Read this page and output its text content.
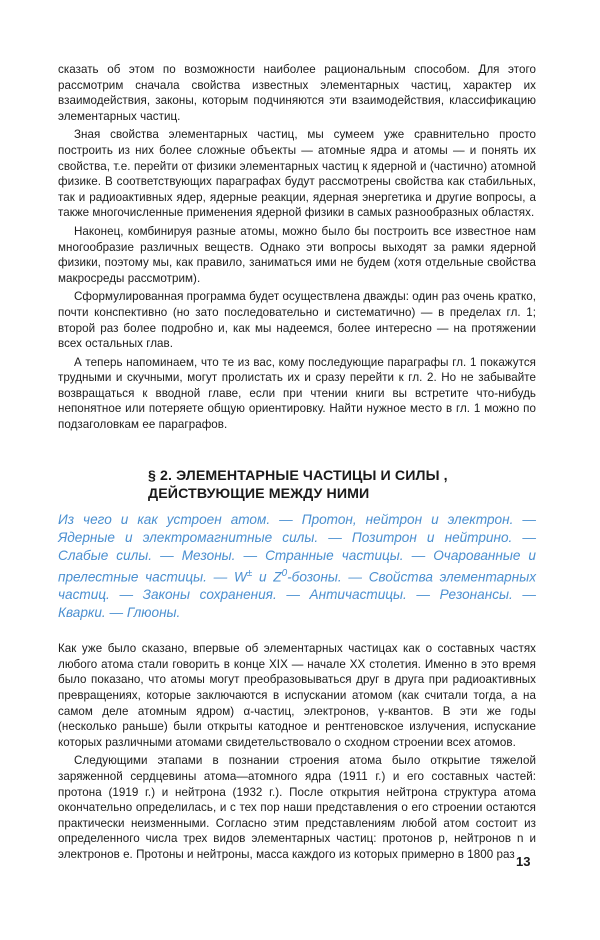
сказать об этом по возможности наиболее рациональным способом. Для этого рассмотрим сначала свойства известных элементарных частиц, характер их взаимодействия, законы, которым подчиняются эти взаимодействия, классификацию элементарных частиц.

Зная свойства элементарных частиц, мы сумеем уже сравнительно просто построить из них более сложные объекты — атомные ядра и атомы — и понять их свойства, т.е. перейти от физики элементарных частиц к ядерной и (частично) атомной физике. В соответствующих параграфах будут рассмотрены свойства как стабильных, так и радиоактивных ядер, ядерные реакции, ядерная энергетика и другие вопросы, а также многочисленные применения ядерной физики в самых разнообразных областях.

Наконец, комбинируя разные атомы, можно было бы построить все известное нам многообразие различных веществ. Однако эти вопросы выходят за рамки ядерной физики, поэтому мы, как правило, заниматься ими не будем (хотя отдельные свойства макросреды рассмотрим).

Сформулированная программа будет осуществлена дважды: один раз очень кратко, почти конспективно (но зато последовательно и систематично) — в пределах гл. 1; второй раз более подробно и, как мы надеемся, более интересно — на протяжении всех остальных глав.

А теперь напоминаем, что те из вас, кому последующие параграфы гл. 1 покажутся трудными и скучными, могут пролистать их и сразу перейти к гл. 2. Но не забывайте возвращаться к вводной главе, если при чтении книги вы встретите что-нибудь непонятное или потеряете общую ориентировку. Найти нужное место в гл. 1 можно по подзаголовкам ее параграфов.

§ 2. ЭЛЕМЕНТАРНЫЕ ЧАСТИЦЫ И СИЛЫ ,
ДЕЙСТВУЮЩИЕ МЕЖДУ НИМИ
Из чего и как устроен атом. — Протон, нейтрон и электрон. — Ядерные и электромагнитные силы. — Позитрон и нейтрино. — Слабые силы. — Мезоны. — Странные частицы. — Очарованные и прелестные частицы. — W± и $Z^0$-бозоны. — Свойства элементарных частиц. — Законы сохранения. — Античастицы. — Резонансы. — Кварки. — Глюоны.

Как уже было сказано, впервые об элементарных частицах как о составных частях любого атома стали говорить в конце XIX — начале XX столетия. Именно в это время было показано, что атомы могут преобразовываться друг в друга при радиоактивных превращениях, которые заключаются в испускании атомом (как считали тогда, а на самом деле атомным ядром) α-частиц, электронов, γ-квантов. В эти же годы (несколько раньше) были открыты катодное и рентгеновское излучения, испускание которых различными атомами свидетельствовало о сходном строении всех атомов.

Следующими этапами в познании строения атома было открытие тяжелой заряженной сердцевины атома—атомного ядра (1911 г.) и его составных частей: протона (1919 г.) и нейтрона (1932 г.). После открытия нейтрона структура атома окончательно определилась, и с тех пор наши представления о его строении остаются практически неизменными. Согласно этим представлениям любой атом состоит из определенного числа трех видов элементарных частиц: протонов p, нейтронов n и электронов e. Протоны и нейтроны, масса каждого из которых примерно в 1800 раз 13
